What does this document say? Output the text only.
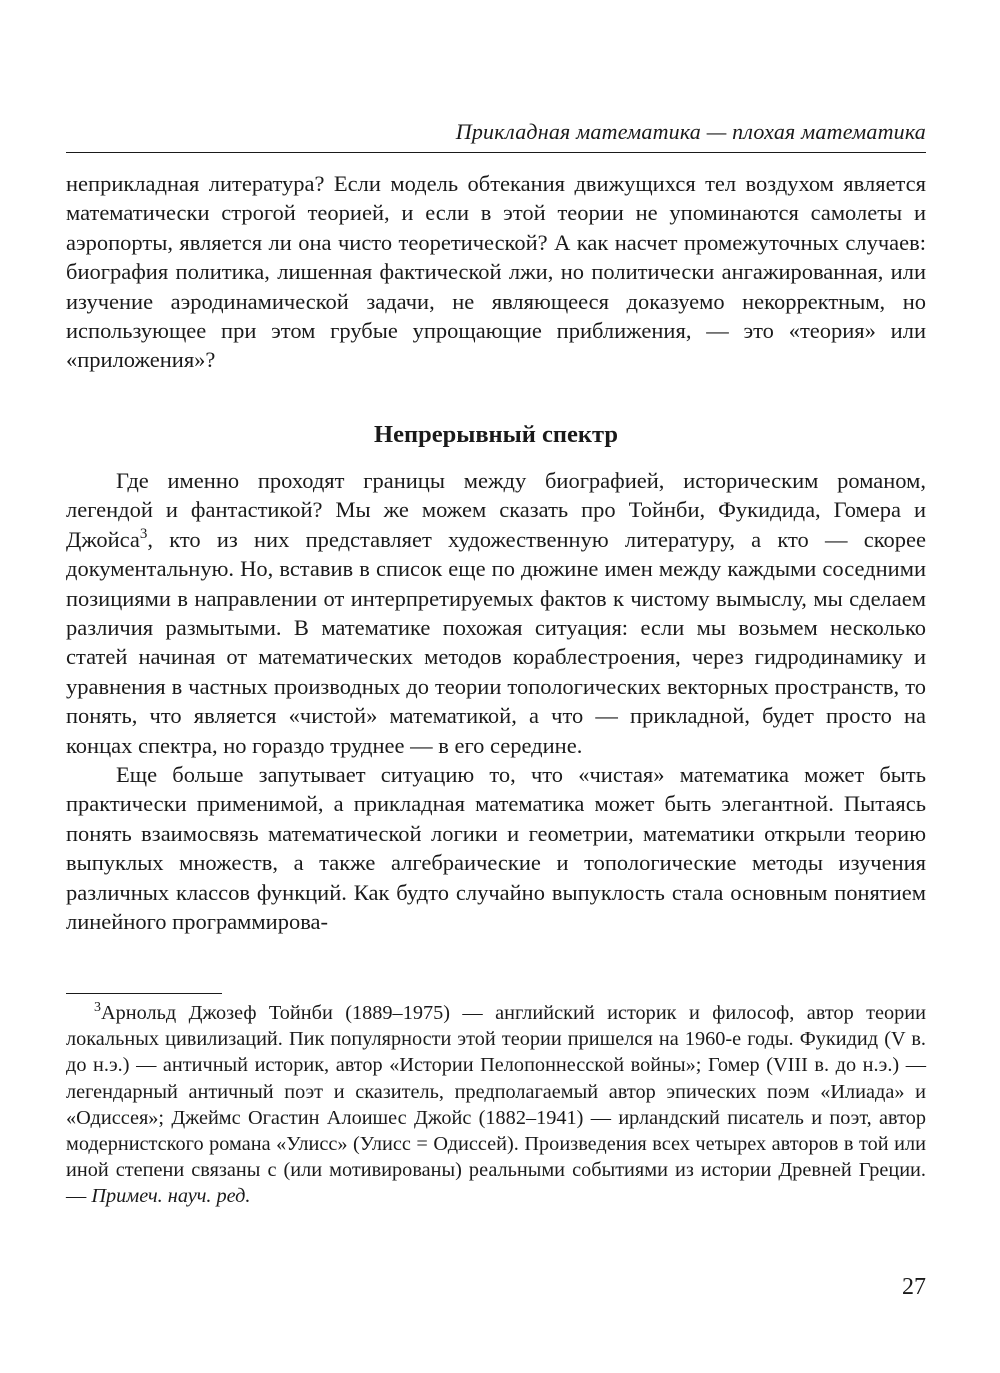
Прикладная математика — плохая математика

неприкладная литература? Если модель обтекания движущихся тел воздухом является математически строгой теорией, и если в этой теории не упоминаются самолеты и аэропорты, является ли она чисто теоретической? А как насчет промежуточных случаев: биография политика, лишенная фактической лжи, но политически ангажированная, или изучение аэродинамической задачи, не являющееся доказуемо некорректным, но использующее при этом грубые упрощающие приближения, — это «теория» или «приложения»?

Непрерывный спектр

Где именно проходят границы между биографией, историческим романом, легендой и фантастикой? Мы же можем сказать про Тойнби, Фукидида, Гомера и Джойса$^3$, кто из них представляет художественную литературу, а кто — скорее документальную. Но, вставив в список еще по дюжине имен между каждыми соседними позициями в направлении от интерпретируемых фактов к чистому вымыслу, мы сделаем различия размытыми. В математике похожая ситуация: если мы возьмем несколько статей начиная от математических методов кораблестроения, через гидродинамику и уравнения в частных производных до теории топологических векторных пространств, то понять, что является «чистой» математикой, а что — прикладной, будет просто на концах спектра, но гораздо труднее — в его середине.

Еще больше запутывает ситуацию то, что «чистая» математика может быть практически применимой, а прикладная математика может быть элегантной. Пытаясь понять взаимосвязь математической логики и геометрии, математики открыли теорию выпуклых множеств, а также алгебраические и топологические методы изучения различных классов функций. Как будто случайно выпуклость стала основным понятием линейного программирова-

$^3$Арнольд Джозеф Тойнби (1889–1975) — английский историк и философ, автор теории локальных цивилизаций. Пик популярности этой теории пришелся на 1960-е годы. Фукидид (V в. до н.э.) — античный историк, автор «Истории Пелопоннесской войны»; Гомер (VIII в. до н.э.) — легендарный античный поэт и сказитель, предполагаемый автор эпических поэм «Илиада» и «Одиссея»; Джеймс Огастин Алоишес Джойс (1882–1941) — ирландский писатель и поэт, автор модернистского романа «Улисс» (Улисс = Одиссей). Произведения всех четырех авторов в той или иной степени связаны с (или мотивированы) реальными событиями из истории Древней Греции. — Примеч. науч. ред.
27
